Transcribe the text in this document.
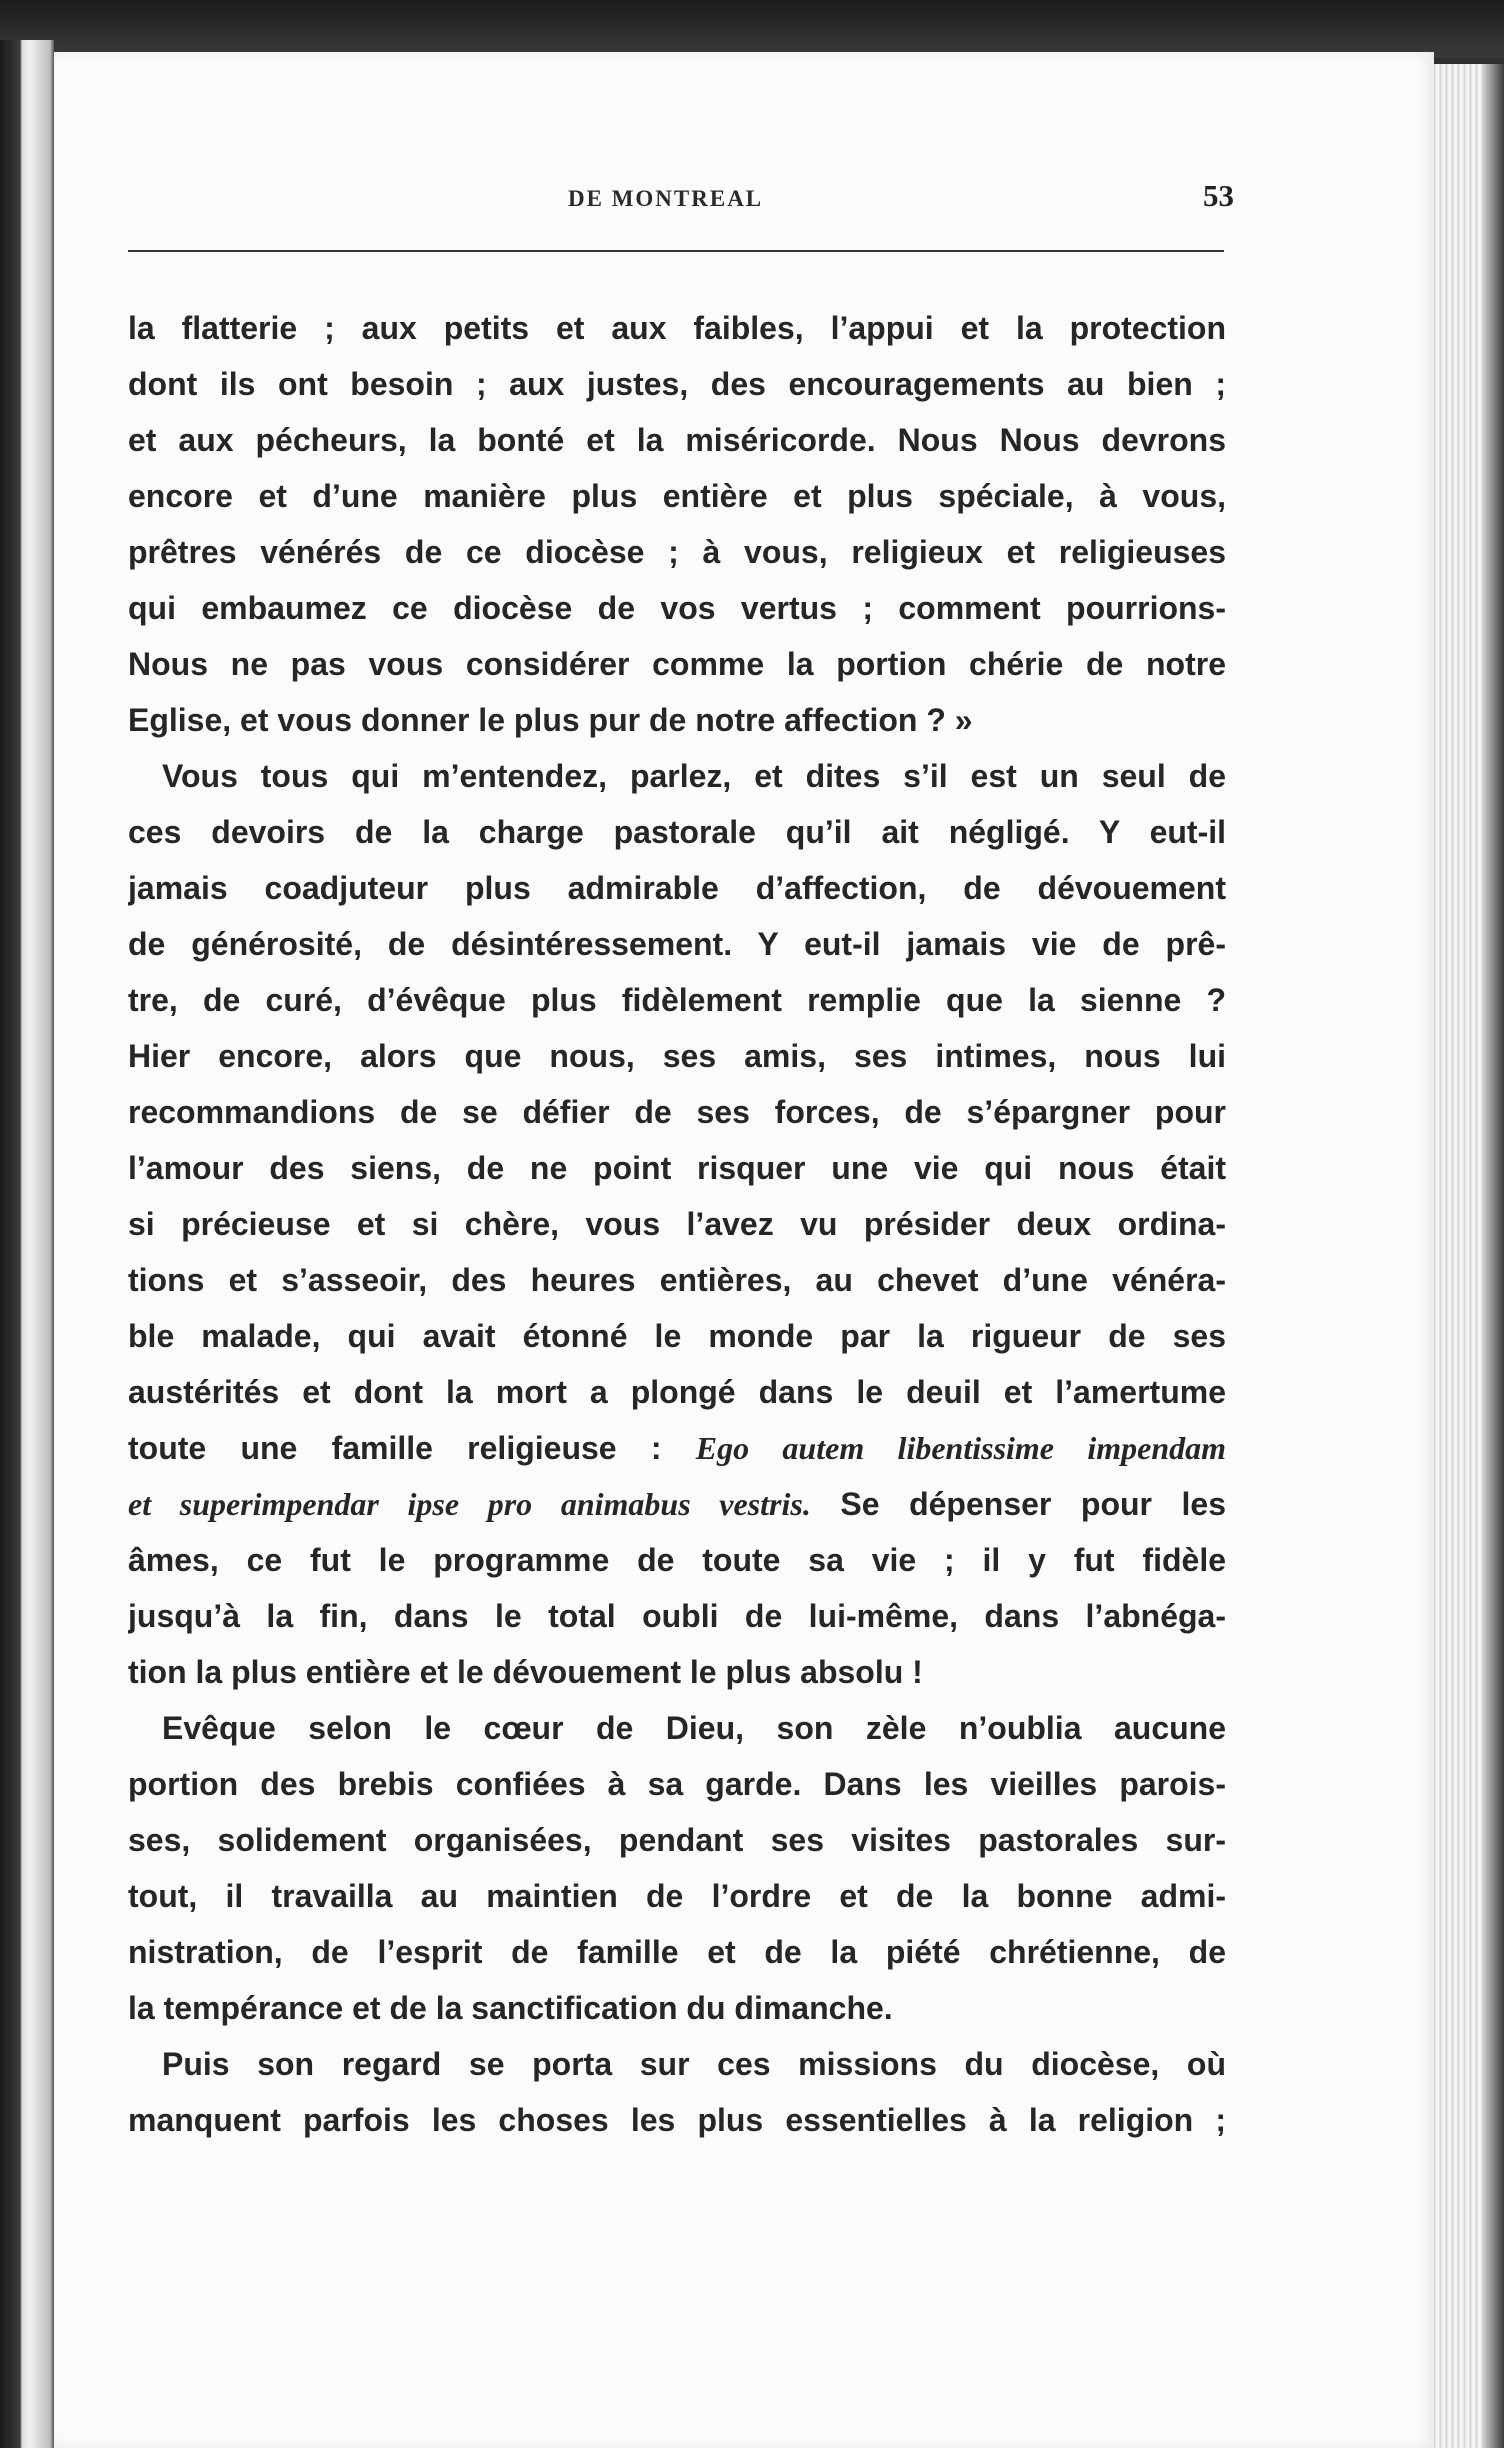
DE MONTREAL	53

la flatterie ; aux petits et aux faibles, l’appui et la protection
dont ils ont besoin ; aux justes, des encouragements au bien ;
et aux pécheurs, la bonté et la miséricorde. Nous Nous devrons
encore et d’une manière plus entière et plus spéciale, à vous,
prêtres vénérés de ce diocèse ; à vous, religieux et religieuses
qui embaumez ce diocèse de vos vertus ; comment pourrions-
Nous ne pas vous considérer comme la portion chérie de notre
Eglise, et vous donner le plus pur de notre affection ? »

Vous tous qui m’entendez, parlez, et dites s’il est un seul de
ces devoirs de la charge pastorale qu’il ait négligé. Y eut-il
jamais coadjuteur plus admirable d’affection, de dévouement
de générosité, de désintéressement. Y eut-il jamais vie de prê-
tre, de curé, d’évêque plus fidèlement remplie que la sienne ?
Hier encore, alors que nous, ses amis, ses intimes, nous lui
recommandions de se défier de ses forces, de s’épargner pour
l’amour des siens, de ne point risquer une vie qui nous était
si précieuse et si chère, vous l’avez vu présider deux ordina-
tions et s’asseoir, des heures entières, au chevet d’une vénéra-
ble malade, qui avait étonné le monde par la rigueur de ses
austérités et dont la mort a plongé dans le deuil et l’amertume
toute une famille religieuse : Ego autem libentissime impendam
et superimpendar ipse pro animabus vestris. Se dépenser pour les
âmes, ce fut le programme de toute sa vie ; il y fut fidèle
jusqu’à la fin, dans le total oubli de lui-même, dans l’abnéga-
tion la plus entière et le dévouement le plus absolu !

Evêque selon le cœur de Dieu, son zèle n’oublia aucune
portion des brebis confiées à sa garde. Dans les vieilles parois-
ses, solidement organisées, pendant ses visites pastorales sur-
tout, il travailla au maintien de l’ordre et de la bonne admi-
nistration, de l’esprit de famille et de la piété chrétienne, de
la tempérance et de la sanctification du dimanche.

Puis son regard se porta sur ces missions du diocèse, où
manquent parfois les choses les plus essentielles à la religion ;
